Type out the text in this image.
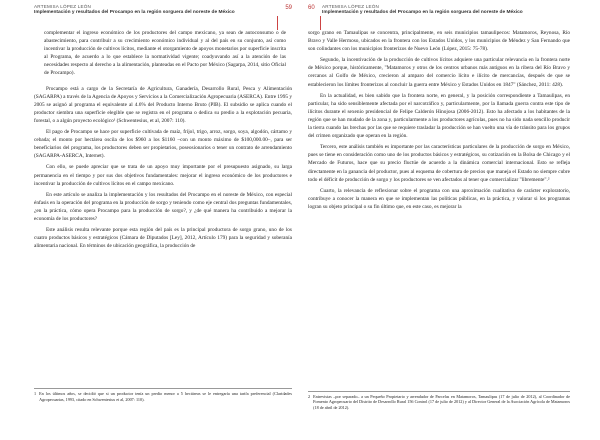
ARTEMISA LÓPEZ LEÓN
Implementación y resultados del Procampo en la región sorguera del noreste de México
59

complementar el ingreso económico de los productores del campo mexicano, ya sean de autoconsumo o de abastecimiento, para contribuir a su crecimiento económico individual y al del país en su conjunto, así como incentivar la producción de cultivos lícitos, mediante el otorgamiento de apoyos monetarios por superficie inscrita al Programa, de acuerdo a lo que establece la normatividad vigente; coadyuvando así a la atención de las necesidades respecto al derecho a la alimentación, planteadas en el Pacto por México (Sagarpa, 2014, sitio Oficial de Procampo).

Procampo está a cargo de la Secretaría de Agricultura, Ganadería, Desarrollo Rural, Pesca y Alimentación (SAGARPA) a través de la Agencia de Apoyos y Servicios a la Comercialización Agropecuaria (ASERCA). Entre 1995 y 2005 se asignó al programa el equivalente al 4.6% del Producto Interno Bruto (PIB). El subsidio se aplica cuando el productor siembra una superficie elegible que se registra en el programa o dedica su predio a la explotación pecuaria, forestal, o a algún proyecto ecológico¹ (Schwentesius, et al, 2007: 110).

El pago de Procampo se hace por superficie cultivada de maíz, frijol, trigo, arroz, sorgo, soya, algodón, cártamo y cebada; el monto por hectárea oscila de los $960 a los $1160 –con un monto máximo de $100,000.00–, para ser beneficiarios del programa, los productores deben ser propietarios, poseosionarios o tener un contrato de arrendamiento (SAGARPA-ASERCA, Internet).

Con ello, se puede apreciar que se trata de un apoyo muy importante por el presupuesto asignado, su larga permanencia en el tiempo y por sus dos objetivos fundamentales: mejorar el ingreso económico de los productores e incentivar la producción de cultivos lícitos en el campo mexicano.

En este artículo se analiza la implementación y los resultados del Procampo en el noreste de México, con especial énfasis en la operación del programa en la producción de sorgo y teniendo como eje central dos preguntas fundamentales, ¿en la práctica, cómo opera Procampo para la producción de sorgo?, y ¿de qué manera ha contribuido a mejorar la economía de los productores?

Este análisis resulta relevante porque esta región del país es la principal productora de sorgo grano, uno de los cuatro productos básicos y estratégicos (Cámara de Diputados [Ley], 2012, Artículo 179) para la seguridad y soberanía alimentaria nacional. En términos de ubicación geográfica, la producción de

1 En los últimos años, se decidió que si un productor tenía un predio menor a 5 hectáreas se le entregaría una tarifa preferencial (Claridades Agropecuarias, 1993, citado en Schwentesius et al, 2007: 110).
60 ARTEMISA LÓPEZ LEÓN
Implementación y resultados del Procampo en la región sorguera del noreste de México

sorgo grano en Tamaulipas se concentra, principalmente, en seis municipios tamaulipecos: Matamoros, Reynosa, Río Bravo y Valle Hermoso, ubicados en la frontera con los Estados Unidos, y los municipios de Méndez y San Fernando que son colindantes con los municipios fronterizos de Nuevo León (López, 2015: 75-78).

Segundo, la incentivación de la producción de cultivos lícitos adquiere una particular relevancia en la frontera norte de México porque, históricamente, "Matamoros y otros de los centros urbanos más antiguos en la ribera del Río Bravo y cercanos al Golfo de México, crecieron al amparo del comercio lícito e ilícito de mercancías, después de que se establecieron los límites fronterizos al concluir la guerra entre México y Estados Unidos en 1847" (Sánchez, 2011: 428).

En la actualidad, es bien sabido que la frontera norte, en general, y la posición correspondiente a Tamaulipas, en particular, ha sido sensiblemente afectada por el narcotráfico y, particularmente, por la llamada guerra contra este tipo de ilícitos durante el sexenio presidencial de Felipe Calderón Hinojosa (2006-2012). Esto ha afectado a los habitantes de la región que se han mudado de la zona y, particularmente a los productores agrícolas, pues no ha sido nada sencillo producir la tierra cuando las brechas por las que se requiere trasladar la producción se han vuelto una vía de tránsito para los grupos del crimen organizado que operan en la región.

Tercero, este análisis también es importante por las características particulares de la producción de sorgo en México, pues se tiene en consideración como uno de los productos básicos y estratégicos, su cotización en la Bolsa de Chicago y el Mercado de Futuros, hace que su precio fluctúe de acuerdo a la dinámica comercial internacional. Esto se refleja directamente en la ganancia del productor, pues al esquema de cobertura de precios que maneja el Estado no siempre cubre todo el déficit de producción de sorgo y los productores se ven afectados al tener que comercializar "libremente".²

Cuarto, la relevancia de reflexionar sobre el programa con una aproximación cualitativa de carácter exploratorio, contribuye a conocer la manera en que se implementan las políticas públicas, en la práctica, y valorar si los programas logran su objeto principal o su fin último que, en este caso, es mejorar la

2 Entrevistas –por separado– a un Pequeño Propietario y arrendador de Parcelas en Matamoros, Tamaulipas (17 de julio de 2012), al Coordinador de Fomento Agropecuario del Distrito de Desarrollo Rural 156 Control (17 de julio de 2012) y al Director General de la Asociación Agrícola de Matamoros (18 de abril de 2012).
